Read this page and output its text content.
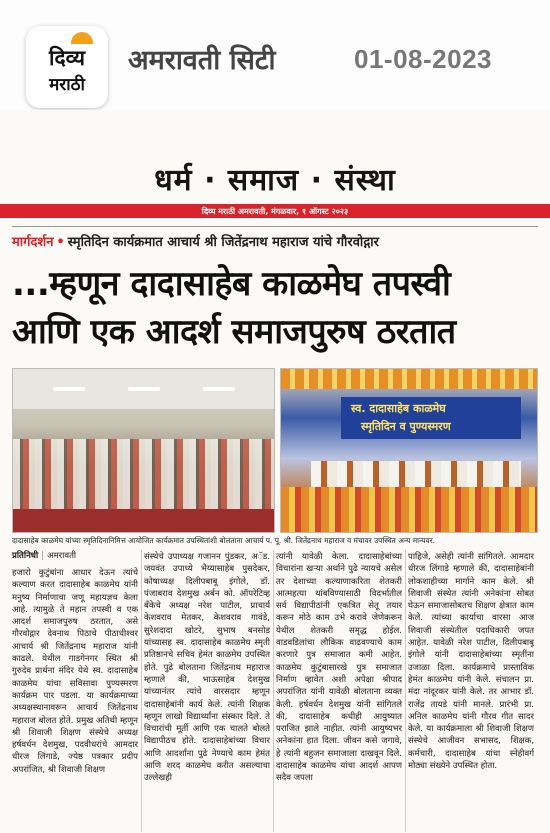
दिव्य
मराठी
अमरावती सिटी	01-08-2023
धर्म · समाज · संस्था
दिव्य मराठी अमरावती, मंगळवार, १ ऑगस्ट २०२३
मार्गदर्शन • स्मृतिदिन कार्यक्रमात आचार्य श्री जितेंद्रनाथ महाराज यांचे गौरवोद्गार
...म्हणून दादासाहेब काळमेघ तपस्वी
आणि एक आदर्श समाजपुरुष ठरतात
स्व. दादासाहेब काळमेघ
स्मृतिदिन व पुण्यस्मरण
दादासाहेब काळमेघ यांच्या स्मृतिदिनानिमित्त आयोजित कार्यक्रमात उपस्थितांशी बोलताना आचार्य प. पू. श्री. जितेंद्रनाथ महाराज व मंचावर उपस्थित अन्य मान्यवर.
प्रतिनिधी | अमरावती
हजारो कुटुंबांना आधार देऊन त्यांचे कल्याण करत दादासाहेब काळमेघ यांनी मनुष्य निर्माणाचा जणू महायज्ञच केला आहे. त्यामुळे ते महान तपस्वी व एक आदर्श समाजपुरुष ठरतात, असे गौरवोद्गार देवनाथ पिठाचे पीठाधीश्वर आचार्य श्री जितेंद्रनाथ महाराज यांनी काढले. येथील गाडगेनगर स्थित श्री गुरुदेव प्रार्थना मंदिर येथे स्व. दादासाहेब काळमेघ यांचा सविसावा पुण्यस्मरण कार्यक्रम पार पडला. या कार्यक्रमाच्या अध्यक्षस्थानावरून आचार्य जितेंद्रनाथ महाराज बोलत होते. प्रमुख अतिथी म्हणून श्री शिवाजी शिक्षण संस्थेचे अध्यक्ष हर्षवर्धन देशमुख, पदवीधरांचे आमदार धीरज लिंगाडे, ज्येष्ठ पत्रकार प्रदीप अपरांजित, श्री शिवाजी शिक्षण
संस्थेचे उपाध्यक्ष गजानन पुंडकर, अॅड. जयवंत उपाध्ये भैय्यासाहेब पुसदेकर, कोषाध्यक्ष दिलीपबाबू इंगोले, डॉ. पंजाबराव देशमुख अर्बन को. ऑपरेटिव्ह बँकेचे अध्यक्ष नरेश पाटील, प्राचार्य केशवराव मेतकर, केशवराव गावंडे, सुरेशदादा खोटरे, सुभाष बनसोड यांच्यासह स्व. दादासाहेब काळमेघ स्मृती प्रतिष्ठानचे सचिव हेमंत काळमेघ उपस्थित होते. पुढे बोलताना जितेंद्रनाथ महाराज म्हणाले की, भाऊसाहेब देशमुख यांच्यानंतर त्यांचे वारसदार म्हणून दादासाहेबांनी कार्य केले. त्यांनी शिक्षक म्हणून लाखो विद्यार्थ्यांना संस्कार दिले. ते विचारांची मूर्ती आणि एक चालते बोलते विद्यापीठच होते. दादासाहेबांच्या विचार आणि आदर्शांना पुढे नेण्याचे काम हेमंत आणि शरद काळमेघ करीत असल्याचा उल्लेखही
त्यांनी यावेळी केला. दादासाहेबांच्या विचारांना खऱ्या अर्थाने पुढे न्यायचे असेल तर देशाच्या कल्याणाकरिता शेतकरी आत्महत्या थांबविण्यासाठी विदर्भातील सर्व विद्यापीठांनी एकत्रित सेतू तयार करून मोठे काम उभे करावे जेणेकरून येथील शेतकरी समृद्ध होईल. वाडवडिलांचा लौकिक वाढवण्याचे काम करणारे पुत्र समाजात कमी आहेत. काळमेघ कुटुंबासारखे पुत्र समाजात निर्माण व्हावेत अशी अपेक्षा श्रीपाद अपरांजित यांनी यावेळी बोलताना व्यक्त केली. हर्षवर्धन देशमुख यांनी सांगितले की, दादासाहेब कधीही आयुष्यात पराजित झाले नाहीत. त्यांनी आयुष्यभर अनेकांना हात दिला. जीवन कसे जगावे, हे त्यांनी बहुजन समाजाला दाखवून दिले. दादासाहेब काळमेघ यांचा आदर्श आपण सदैव जपला
पाहिजे, असेही त्यांनी सांगितले. आमदार धीरज लिंगाडे म्हणाले की, दादासाहेबांनी लोकशाहीच्या मार्गाने काम केले. श्री शिवाजी संस्थेत त्यांनी अनेकांना सोबत घेऊन समाजासोबतच शिक्षण क्षेत्रात काम केले. त्यांच्या कार्याचा वारसा आज शिवाजी संस्थेतील पदाधिकारी जपत आहेत. यावेळी नरेश पाटील, दिलीपबाबू इंगोले यांनी दादासाहेबांच्या स्मृतींना उजाळा दिला. कार्यक्रमाचे प्रास्ताविक हेमंत काळमेघ यांनी केले. संचालन प्रा. मंदा नांदूरकर यांनी केले. तर आभार डॉ. राजेंद्र तायडे यांनी मानले. प्रारंभी प्रा. अनिल काळमेघ यांनी गौरव गीत सादर केले. या कार्यक्रमाला श्री शिवाजी शिक्षण संस्थेचे आजीवन सभासद, शिक्षक, कर्मचारी, दादासाहेब यांचा स्नेहीवर्ग मोठ्या संख्येने उपस्थित होता.
